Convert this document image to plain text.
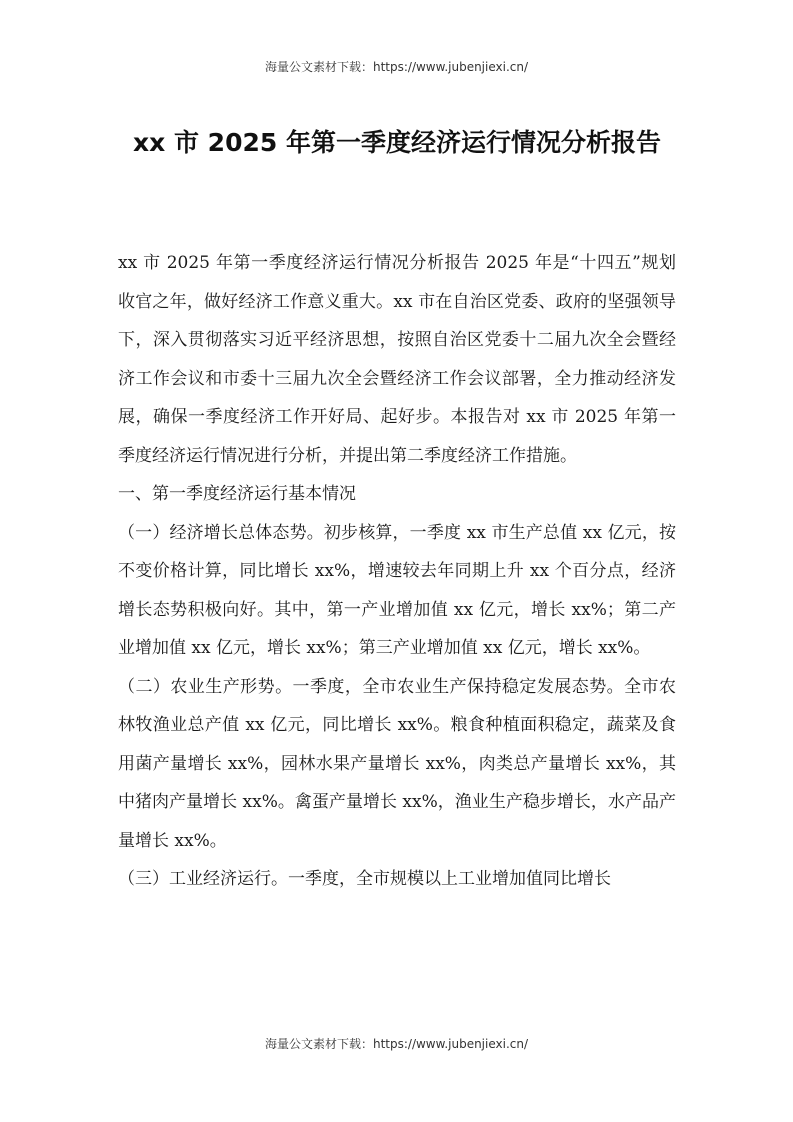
海量公文素材下载：https://www.jubenjiexi.cn/
xx 市 2025 年第一季度经济运行情况分析报告

xx 市 2025 年第一季度经济运行情况分析报告 2025 年是“十四五”规划收官之年，做好经济工作意义重大。xx 市在自治区党委、政府的坚强领导下，深入贯彻落实习近平经济思想，按照自治区党委十二届九次全会暨经济工作会议和市委十三届九次全会暨经济工作会议部署，全力推动经济发展，确保一季度经济工作开好局、起好步。本报告对 xx 市 2025 年第一季度经济运行情况进行分析，并提出第二季度经济工作措施。

一、第一季度经济运行基本情况

（一）经济增长总体态势。初步核算，一季度 xx 市生产总值 xx 亿元，按不变价格计算，同比增长 xx%，增速较去年同期上升 xx 个百分点，经济增长态势积极向好。其中，第一产业增加值 xx 亿元，增长 xx%；第二产业增加值 xx 亿元，增长 xx%；第三产业增加值 xx 亿元，增长 xx%。

（二）农业生产形势。一季度，全市农业生产保持稳定发展态势。全市农林牧渔业总产值 xx 亿元，同比增长 xx%。粮食种植面积稳定，蔬菜及食用菌产量增长 xx%，园林水果产量增长 xx%，肉类总产量增长 xx%，其中猪肉产量增长 xx%。禽蛋产量增长 xx%，渔业生产稳步增长，水产品产量增长 xx%。

（三）工业经济运行。一季度，全市规模以上工业增加值同比增长

海量公文素材下载：https://www.jubenjiexi.cn/
